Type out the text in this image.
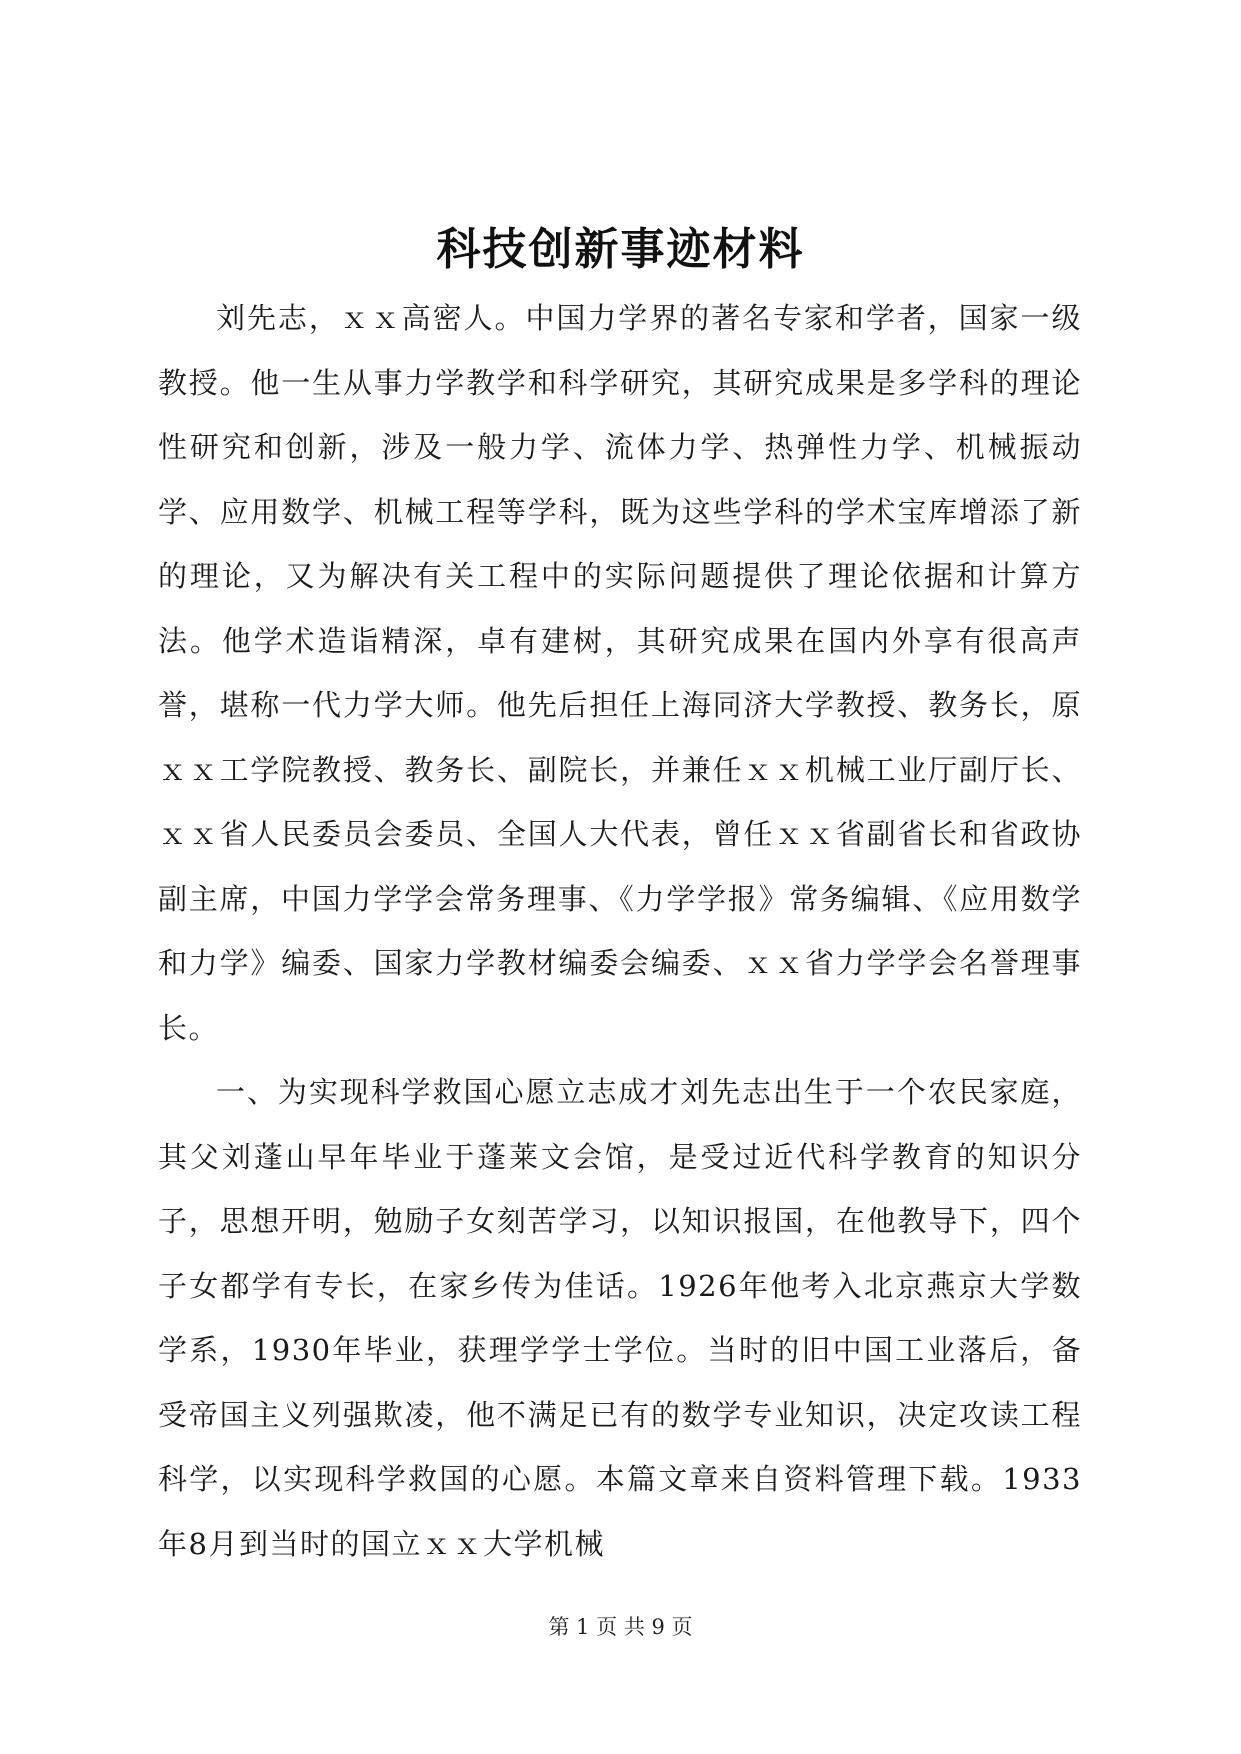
科技创新事迹材料

刘先志，ｘｘ高密人。中国力学界的著名专家和学者，国家一级教授。他一生从事力学教学和科学研究，其研究成果是多学科的理论性研究和创新，涉及一般力学、流体力学、热弹性力学、机械振动学、应用数学、机械工程等学科，既为这些学科的学术宝库增添了新的理论，又为解决有关工程中的实际问题提供了理论依据和计算方法。他学术造诣精深，卓有建树，其研究成果在国内外享有很高声誉，堪称一代力学大师。他先后担任上海同济大学教授、教务长，原ｘｘ工学院教授、教务长、副院长，并兼任ｘｘ机械工业厅副厅长、ｘｘ省人民委员会委员、全国人大代表，曾任ｘｘ省副省长和省政协副主席，中国力学学会常务理事、《力学学报》常务编辑、《应用数学和力学》编委、国家力学教材编委会编委、ｘｘ省力学学会名誉理事长。

一、为实现科学救国心愿立志成才刘先志出生于一个农民家庭，其父刘蓬山早年毕业于蓬莱文会馆，是受过近代科学教育的知识分子，思想开明，勉励子女刻苦学习，以知识报国，在他教导下，四个子女都学有专长，在家乡传为佳话。1926年他考入北京燕京大学数学系，1930年毕业，获理学学士学位。当时的旧中国工业落后，备受帝国主义列强欺凌，他不满足已有的数学专业知识，决定攻读工程科学，以实现科学救国的心愿。本篇文章来自资料管理下载。1933年8月到当时的国立ｘｘ大学机械

第 1 页 共 9 页
